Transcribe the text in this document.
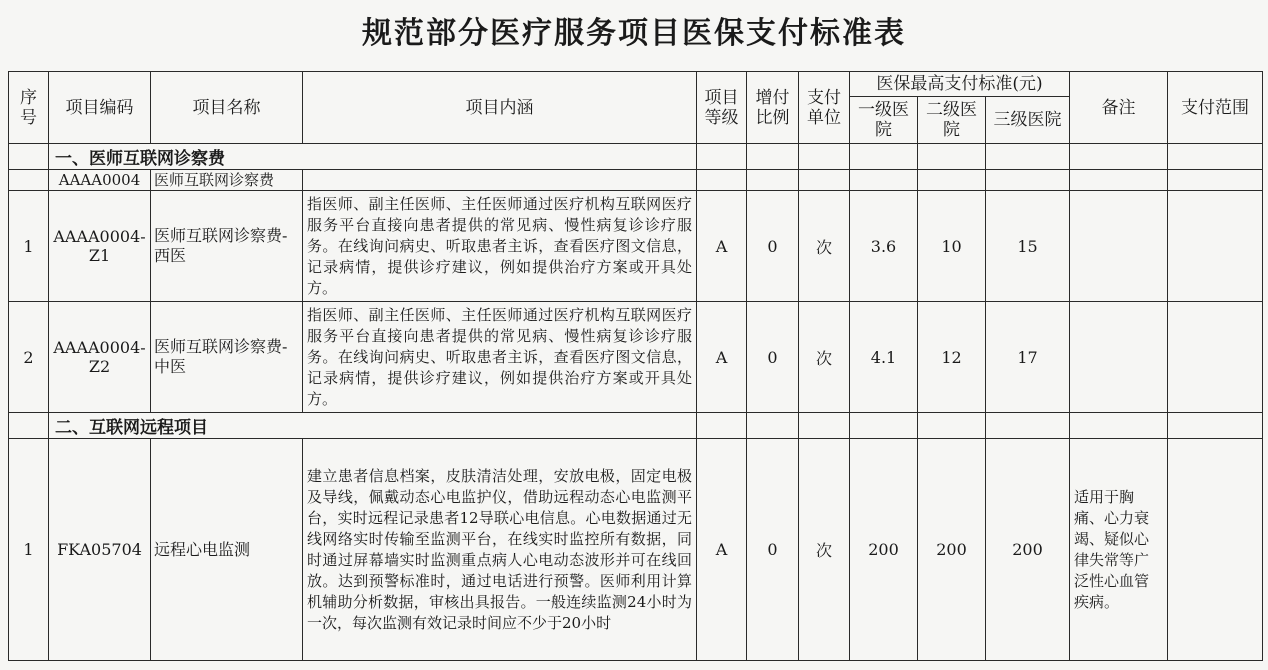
规范部分医疗服务项目医保支付标准表
序号	项目编码	项目名称	项目内涵	项目等级	增付比例	支付单位	医保最高支付标准(元)			备注	支付范围
							一级医院	二级医院	三级医院		
	一、医师互联网诊察费										
	AAAA0004	医师互联网诊察费									
1	AAAA0004-Z1	医师互联网诊察费-西医	指医师、副主任医师、主任医师通过医疗机构互联网医疗服务平台直接向患者提供的常见病、慢性病复诊诊疗服务。在线询问病史、听取患者主诉，查看医疗图文信息，记录病情，提供诊疗建议，例如提供治疗方案或开具处方。	A	0	次	3.6	10	15		
2	AAAA0004-Z2	医师互联网诊察费-中医	指医师、副主任医师、主任医师通过医疗机构互联网医疗服务平台直接向患者提供的常见病、慢性病复诊诊疗服务。在线询问病史、听取患者主诉，查看医疗图文信息，记录病情，提供诊疗建议，例如提供治疗方案或开具处方。	A	0	次	4.1	12	17		
	二、互联网远程项目										
1	FKA05704	远程心电监测	建立患者信息档案，皮肤清洁处理，安放电极，固定电极及导线，佩戴动态心电监护仪，借助远程动态心电监测平台，实时远程记录患者12导联心电信息。心电数据通过无线网络实时传输至监测平台，在线实时监控所有数据，同时通过屏幕墙实时监测重点病人心电动态波形并可在线回放。达到预警标准时，通过电话进行预警。医师利用计算机辅助分析数据，审核出具报告。一般连续监测24小时为一次，每次监测有效记录时间应不少于20小时	A	0	次	200	200	200	适用于胸痛、心力衰竭、疑似心律失常等广泛性心血管疾病。	
